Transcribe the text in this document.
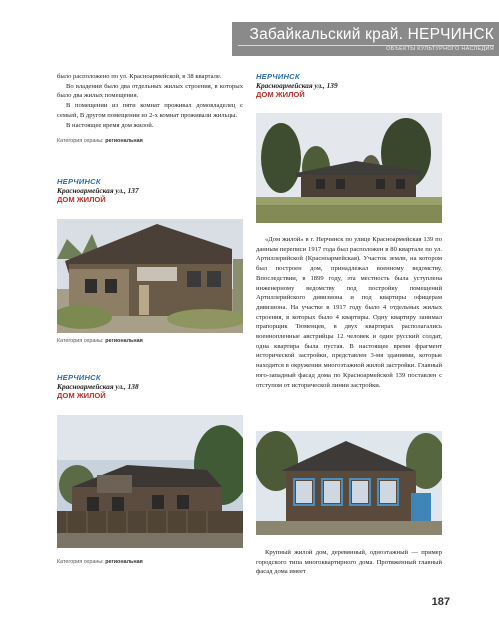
Забайкальский край. НЕРЧИНСК
ОБЪЕКТЫ КУЛЬТУРНОГО НАСЛЕДИЯ

было расположено по ул. Красноармейской, в 38 квартале.

Во владении было два отдельных жилых строения, в которых было два жилых помещения.

В помещении из пяти комнат проживал домовладелец с семьей, В другом помещении из 2-х комнат проживали жильцы.

В настоящее время дом жилой.

Категория охраны: региональная
НЕРЧИНСК
Красноармейская ул., 137
ДОМ ЖИЛОЙ
Категория охраны: региональная
НЕРЧИНСК
Красноармейская ул., 138
ДОМ ЖИЛОЙ
Категория охраны: региональная
НЕРЧИНСК
Красноармейская ул., 139
ДОМ ЖИЛОЙ

«Дом жилой» в г. Нерчинск по улице Красноармейская 139 по данным переписи 1917 года был расположен в 80 квартале по ул. Артиллерийской (Красноармейская). Участок земли, на котором был построен дом, принадлежал военному ведомству. Впоследствии, в 1899 году, эта местность была уступлена инженерному ведомству под постройку помещений Артиллерийского дивизиона и под квартиры офицерам дивизиона. На участке в 1917 году было 4 отдельных жилых строения, в которых было 4 квартиры. Одну квартиру занимал прапорщик Тюменцев, в двух квартирах располагались военнопленные австрийцы 12 человек и один русский солдат, одна квартира была пустая. В настоящее время фрагмент исторической застройки, представлен 3-мя зданиями, которые находятся в окружении многоэтажной жилой застройки. Главный юго-западный фасад дома по Красноармейской 139 поставлен с отступом от исторической линии застройки.

Крупный жилой дом, деревянный, одноэтажный — пример городского типа многоквартирного дома. Протяженный главный фасад дома имеет

187
